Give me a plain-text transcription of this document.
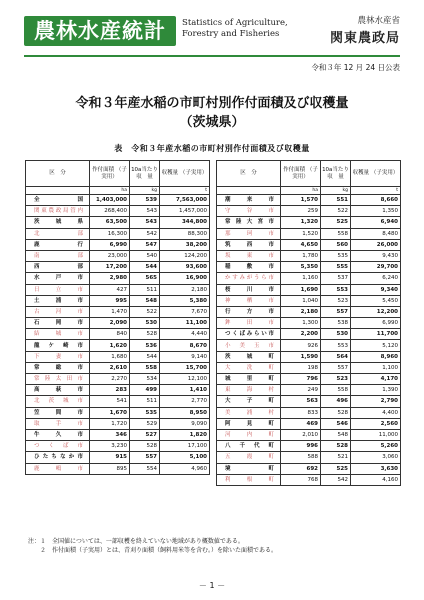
農林水産統計	Statistics of Agriculture,
Forestry and Fisheries
農林水産省
関東農政局
令和３年 12 月 24 日公表
令和３年産水稲の市町村別作付面積及び収穫量
（茨城県）
表　令和３年産水稲の市町村別作付面積及び収穫量
区　分	作付面積 （子実用）	10a当たり 収　量	収穫量 （子実用）
	ha	kg	t
全国	1,403,000	539	7,563,000
関東農政局管内	268,400	543	1,457,000
茨城県	63,500	543	344,800
北部	16,300	542	88,300
鹿行	6,990	547	38,200
南部	23,000	540	124,200
西部	17,200	544	93,600
水戸市	2,980	565	16,900
日立市	427	511	2,180
土浦市	995	548	5,380
古河市	1,470	522	7,670
石岡市	2,090	530	11,100
結城市	840	528	4,440
龍ケ崎市	1,620	536	8,670
下妻市	1,680	544	9,140
常総市	2,610	558	15,700
常陸太田市	2,270	534	12,100
高萩市	283	499	1,410
北茨城市	541	511	2,770
笠間市	1,670	535	8,950
取手市	1,720	529	9,090
牛久市	346	527	1,820
つくば市	3,230	528	17,100
ひたちなか市	915	557	5,100
鹿嶋市	895	554	4,960
区　分	作付面積 （子実用）	10a当たり 収　量	収穫量 （子実用）
	ha	kg	t
潮来市	1,570	551	8,660
守谷市	259	522	1,350
常陸大宮市	1,320	525	6,940
那珂市	1,520	558	8,480
筑西市	4,650	560	26,000
坂東市	1,780	535	9,430
稲敷市	5,350	555	29,700
かすみがうら市	1,160	537	6,240
桜川市	1,690	553	9,340
神栖市	1,040	523	5,450
行方市	2,180	557	12,200
鉾田市	1,300	538	6,990
つくばみらい市	2,200	530	11,700
小美玉市	926	553	5,120
茨城町	1,590	564	8,960
大洗町	198	557	1,100
城里町	796	523	4,170
東海村	249	558	1,390
大子町	563	496	2,790
美浦村	833	528	4,400
阿見町	469	546	2,560
河内町	2,010	548	11,000
八千代町	996	528	5,260
五霞町	588	521	3,060
境町	692	525	3,630
利根町	768	542	4,160
注：１　全国値については、一部収穫を終えていない地域があり概数値である。
　　２　作付面積（子実用）とは、青刈り面積（飼料用米等を含む。）を除いた面積である。
－ 1 －
